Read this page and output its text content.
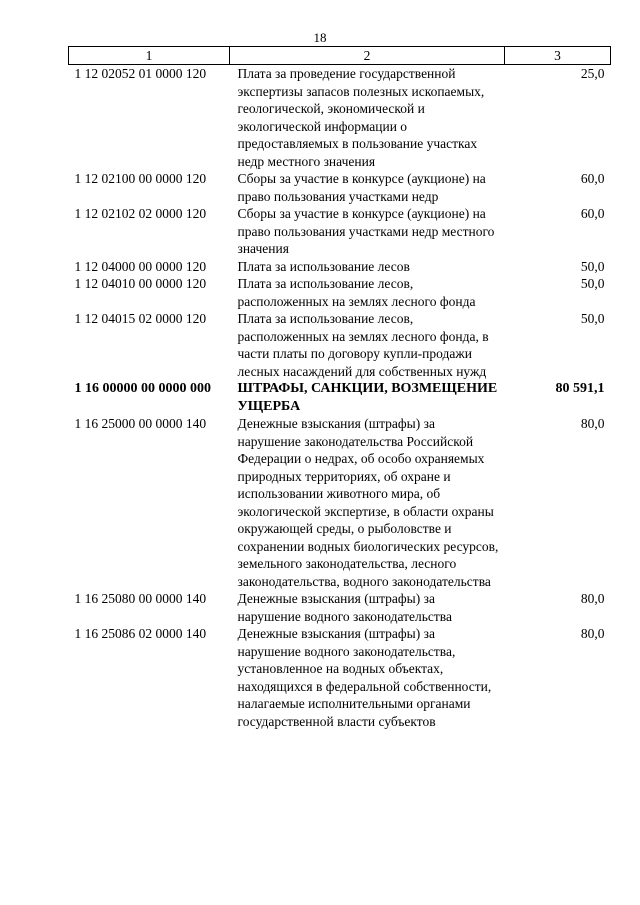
18
1	2	3
1 12 02052 01 0000 120	Плата за проведение государственной экспертизы запасов полезных ископаемых, геологической, экономической и экологической информации о предоставляемых в пользование участках недр местного значения	25,0
1 12 02100 00 0000 120	Сборы за участие в конкурсе (аукционе) на право пользования участками недр	60,0
1 12 02102 02 0000 120	Сборы за участие в конкурсе (аукционе) на право пользования участками недр местного значения	60,0
1 12 04000 00 0000 120	Плата за использование лесов	50,0
1 12 04010 00 0000 120	Плата за использование лесов, расположенных на землях лесного фонда	50,0
1 12 04015 02 0000 120	Плата за использование лесов, расположенных на землях лесного фонда, в части платы по договору купли-продажи лесных насаждений для собственных нужд	50,0
1 16 00000 00 0000 000	ШТРАФЫ, САНКЦИИ, ВОЗМЕЩЕНИЕ УЩЕРБА	80 591,1
1 16 25000 00 0000 140	Денежные взыскания (штрафы) за нарушение законодательства Российской Федерации о недрах, об особо охраняемых природных территориях, об охране и использовании животного мира, об экологической экспертизе, в области охраны окружающей среды, о рыболовстве и сохранении водных биологических ресурсов, земельного законодательства, лесного законодательства, водного законодательства	80,0
1 16 25080 00 0000 140	Денежные взыскания (штрафы) за нарушение водного законодательства	80,0
1 16 25086 02 0000 140	Денежные взыскания (штрафы) за нарушение водного законодательства, установленное на водных объектах, находящихся в федеральной собственности, налагаемые исполнительными органами государственной власти субъектов	80,0
